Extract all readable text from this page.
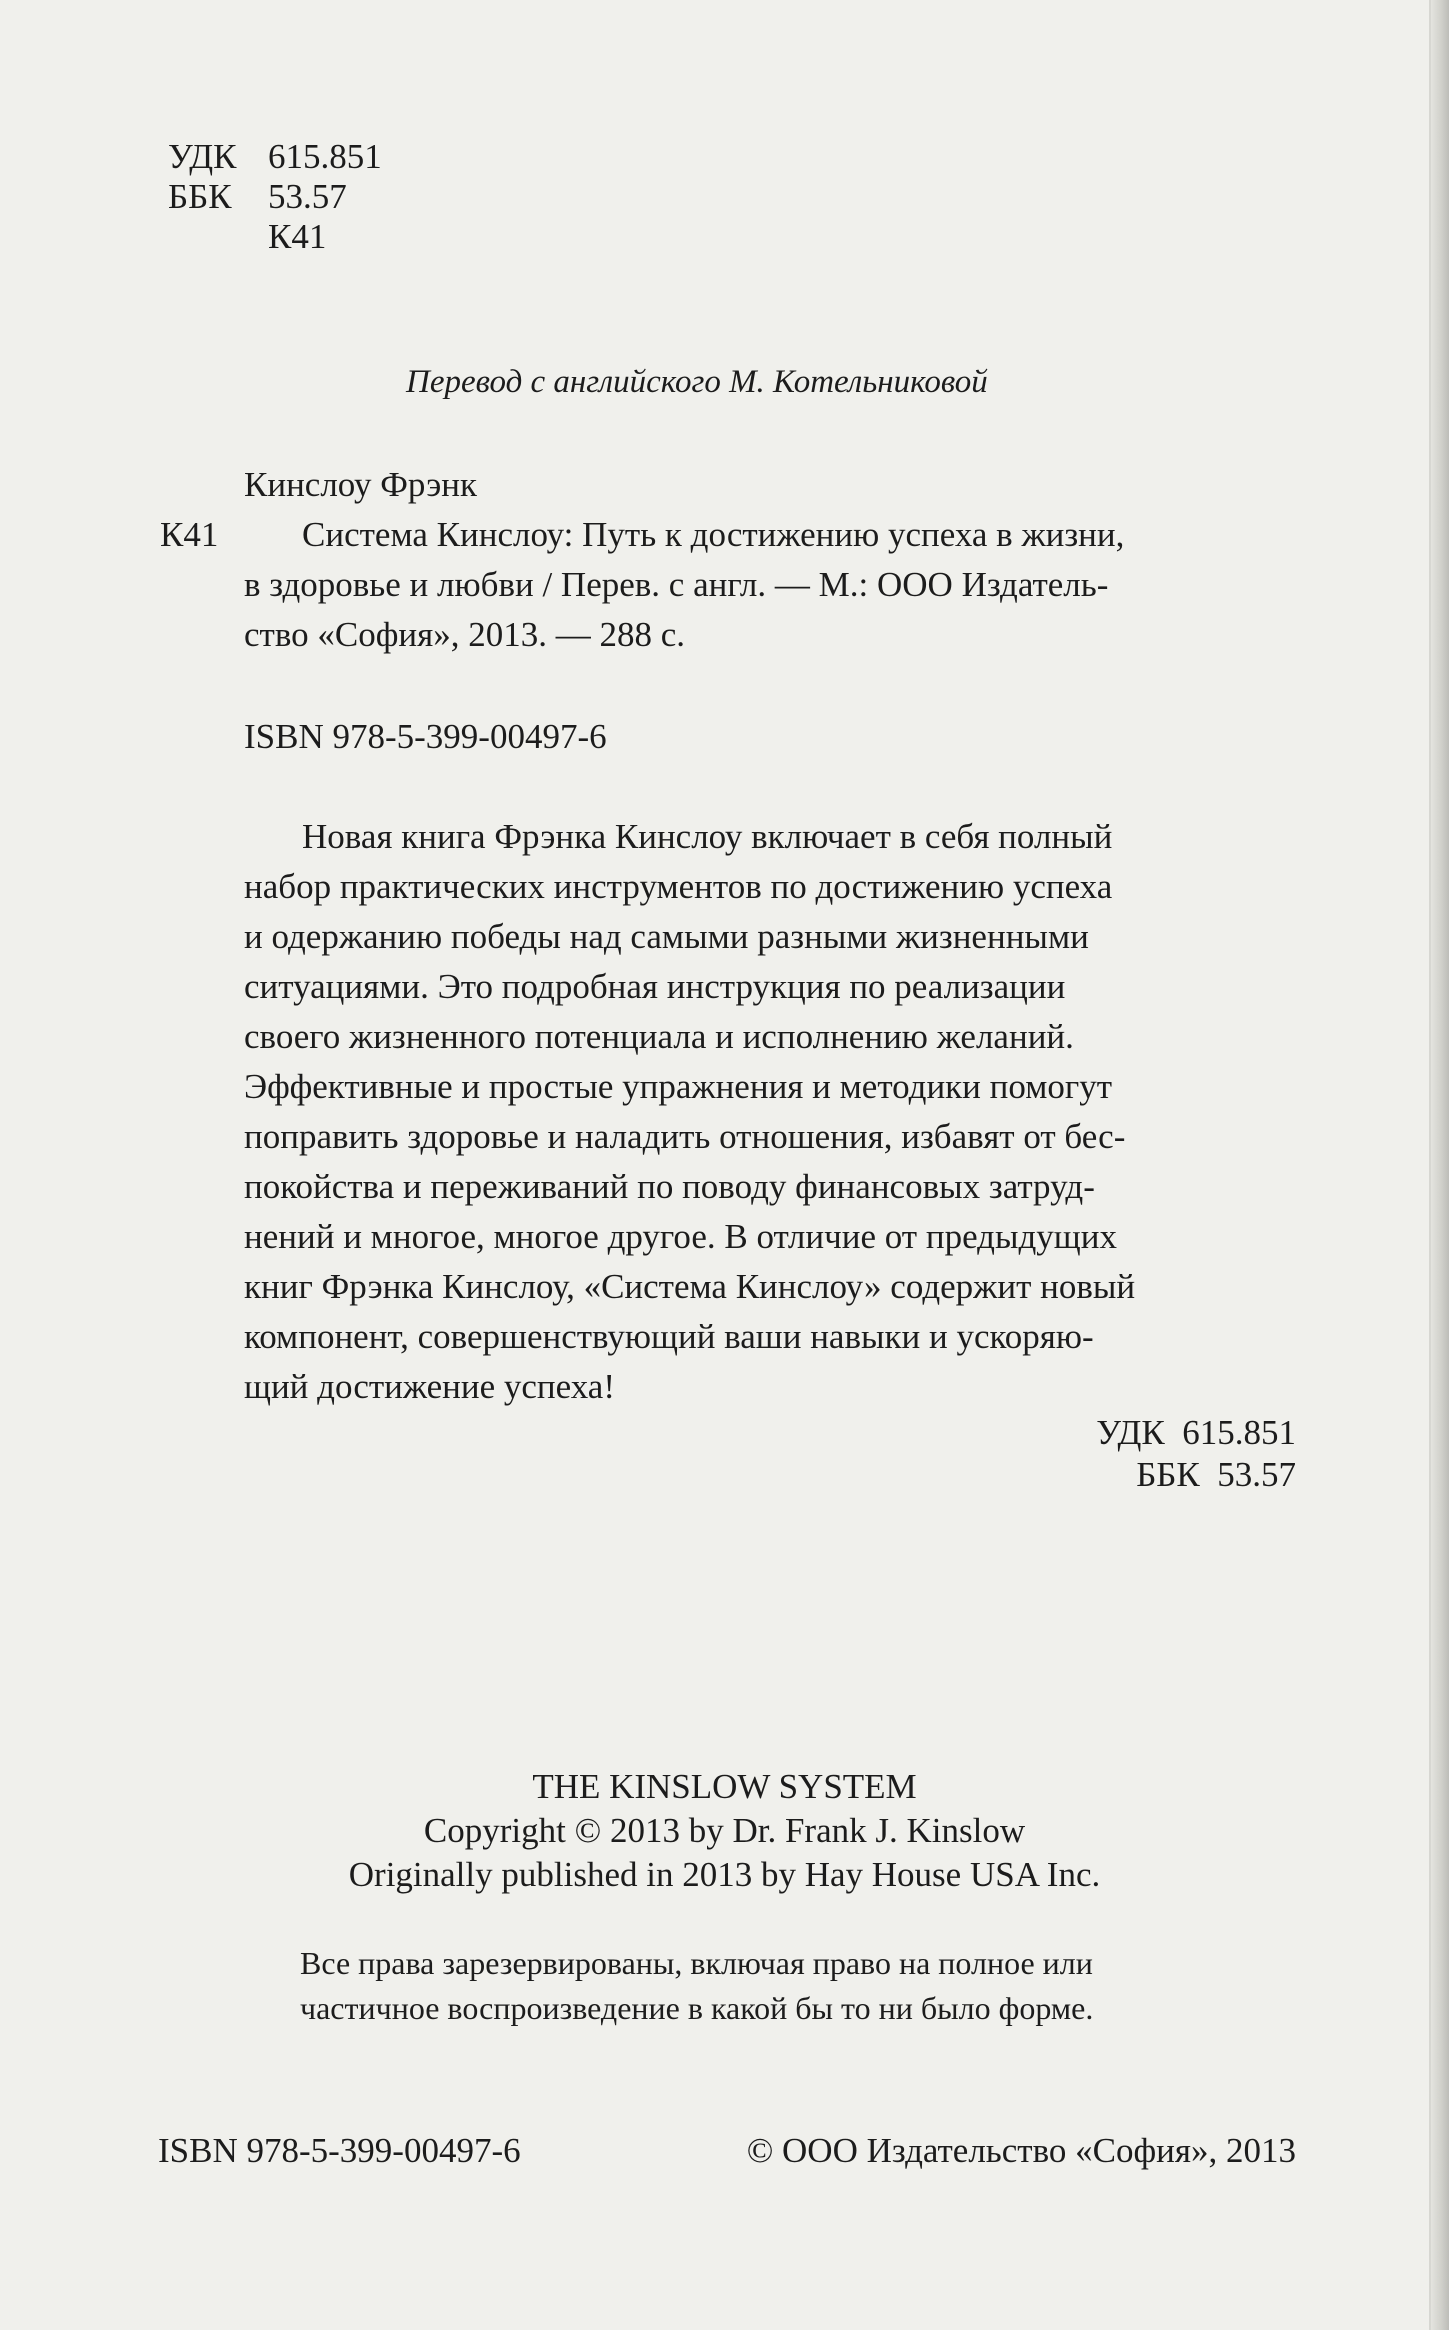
УДК 615.851
ББК 53.57
К41
Перевод с английского М. Котельниковой
Кинслоу Фрэнк
К41 Система Кинслоу: Путь к достижению успеха в жизни,
в здоровье и любви / Перев. с англ. — М.: ООО Издатель-
ство «София», 2013. — 288 с.
ISBN 978-5-399-00497-6
Новая книга Фрэнка Кинслоу включает в себя полный
набор практических инструментов по достижению успеха
и одержанию победы над самыми разными жизненными
ситуациями. Это подробная инструкция по реализации
своего жизненного потенциала и исполнению желаний.
Эффективные и простые упражнения и методики помогут
поправить здоровье и наладить отношения, избавят от бес-
покойства и переживаний по поводу финансовых затруд-
нений и многое, многое другое. В отличие от предыдущих
книг Фрэнка Кинслоу, «Система Кинслоу» содержит новый
компонент, совершенствующий ваши навыки и ускоряю-
щий достижение успеха!
УДК  615.851
ББК  53.57
THE KINSLOW SYSTEM
Copyright © 2013 by Dr. Frank J. Kinslow
Originally published in 2013 by Hay House USA Inc.
Все права зарезервированы, включая право на полное или
частичное воспроизведение в какой бы то ни было форме.
ISBN 978-5-399-00497-6	© ООО Издательство «София», 2013
